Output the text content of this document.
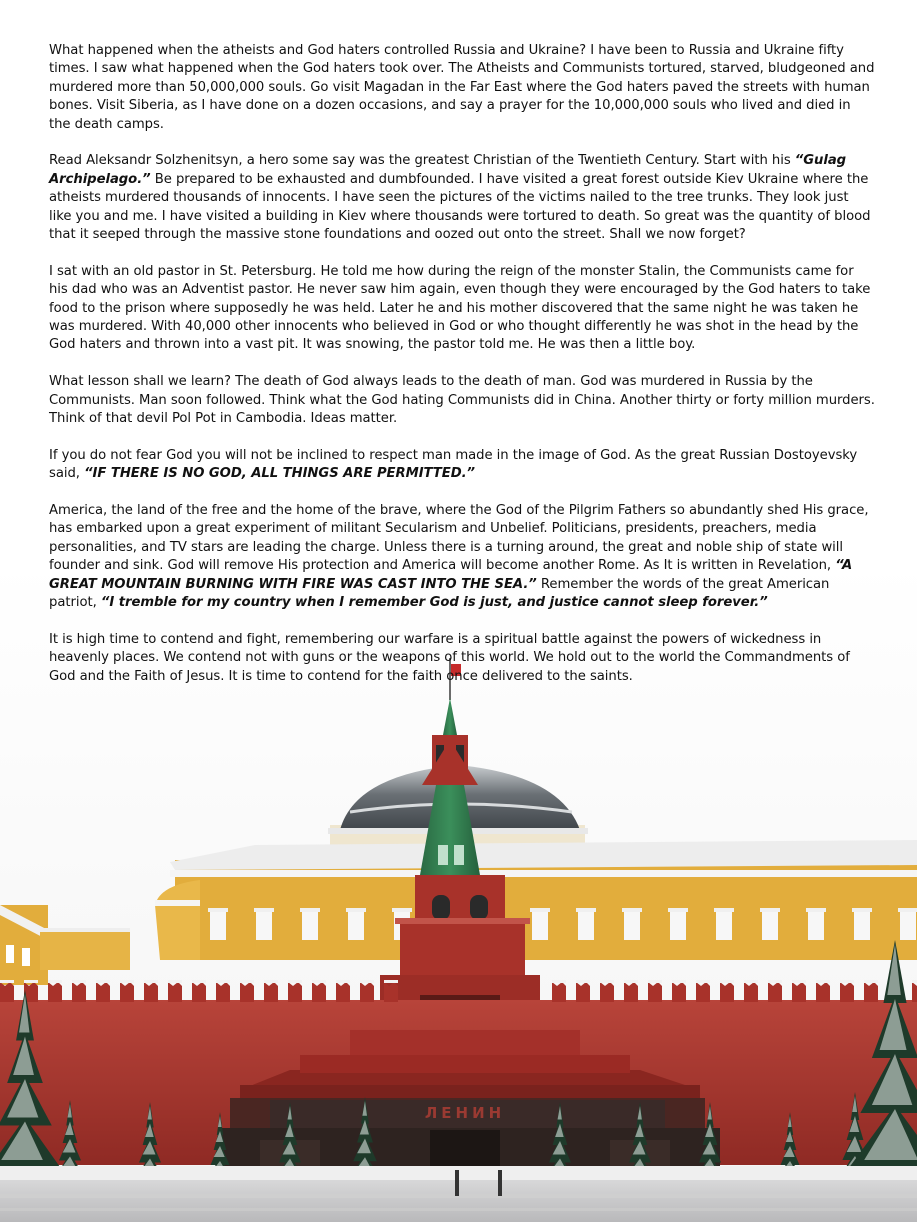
ЛЕНИН

What happened when the atheists and God haters controlled Russia and Ukraine? I have been to Russia and Ukraine fifty times. I saw what happened when the God haters took over. The Atheists and Communists tortured, starved, bludgeoned and murdered more than 50,000,000 souls. Go visit Magadan in the Far East where the God haters paved the streets with human bones. Visit Siberia, as I have done on a dozen occasions, and say a prayer for the 10,000,000 souls who lived and died in the death camps.

Read Aleksandr Solzhenitsyn, a hero some say was the greatest Christian of the Twentieth Century. Start with his “Gulag Archipelago.” Be prepared to be exhausted and dumbfounded. I have visited a great forest outside Kiev Ukraine where the atheists murdered thousands of innocents. I have seen the pictures of the victims nailed to the tree trunks. They look just like you and me. I have visited a building in Kiev where thousands were tortured to death. So great was the quantity of blood that it seeped through the massive stone foundations and oozed out onto the street. Shall we now forget?

I sat with an old pastor in St. Petersburg. He told me how during the reign of the monster Stalin, the Communists came for his dad who was an Adventist pastor. He never saw him again, even though they were encouraged by the God haters to take food to the prison where supposedly he was held. Later he and his mother discovered that the same night he was taken he was murdered. With 40,000 other innocents who believed in God or who thought differently he was shot in the head by the God haters and thrown into a vast pit. It was snowing, the pastor told me. He was then a little boy.

What lesson shall we learn? The death of God always leads to the death of man. God was murdered in Russia by the Communists. Man soon followed. Think what the God hating Communists did in China. Another thirty or forty million murders. Think of that devil Pol Pot in Cambodia. Ideas matter.

If you do not fear God you will not be inclined to respect man made in the image of God. As the great Russian Dostoyevsky said, “IF THERE IS NO GOD, ALL THINGS ARE PERMITTED.”

America, the land of the free and the home of the brave, where the God of the Pilgrim Fathers so abundantly shed His grace, has embarked upon a great experiment of militant Secularism and Unbelief. Politicians, presidents, preachers, media personalities, and TV stars are leading the charge. Unless there is a turning around, the great and noble ship of state will founder and sink. God will remove His protection and America will become another Rome. As It is written in Revelation, “A GREAT MOUNTAIN BURNING WITH FIRE WAS CAST INTO THE SEA.” Remember the words of the great American patriot, “I tremble for my country when I remember God is just, and justice cannot sleep forever.”

It is high time to contend and fight, remembering our warfare is a spiritual battle against the powers of wickedness in heavenly places. We contend not with guns or the weapons of this world. We hold out to the world the Commandments of God and the Faith of Jesus. It is time to contend for the faith once delivered to the saints.
